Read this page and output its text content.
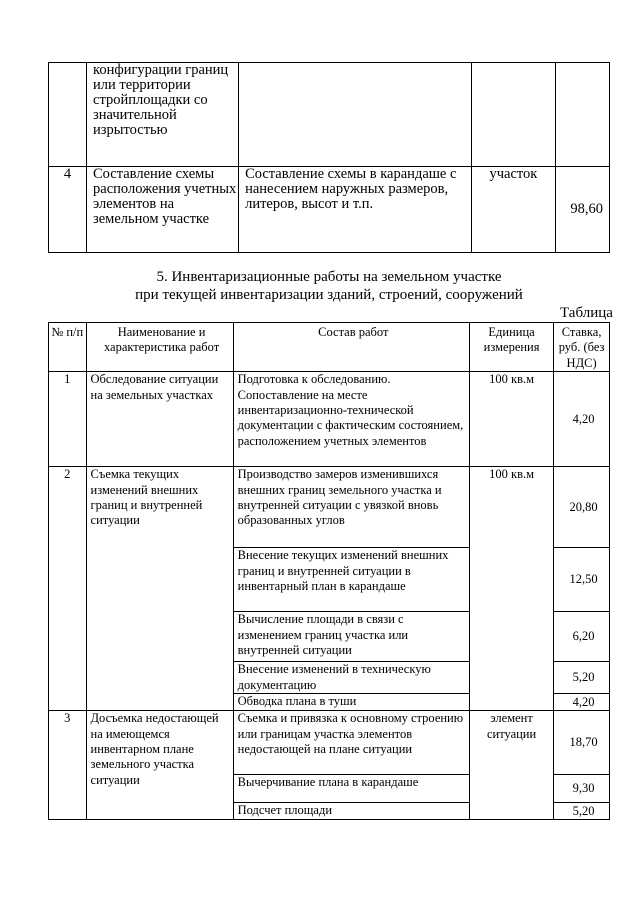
	конфигурации границ или территории стройплощадки со значительной изрытостью			
4	Составление схемы расположения учетных элементов на земельном участке	Составление схемы в карандаше с нанесением наружных размеров, литеров, высот и т.п.	участок	98,60
5. Инвентаризационные работы на земельном участке
при текущей инвентаризации зданий, строений, сооружений
Таблица
№ п/п	Наименование и характеристика работ	Состав работ	Единица измерения	Ставка, руб. (без НДС)
1	Обследование ситуации на земельных участках	Подготовка к обследованию. Сопоставление на месте инвентаризационно-технической документации с фактическим состоянием, расположением учетных элементов	100 кв.м	4,20
2	Съемка текущих изменений внешних границ и внутренней ситуации	Производство замеров изменившихся внешних границ земельного участка и внутренней ситуации с увязкой вновь образованных углов	100 кв.м	20,80
		Внесение текущих изменений внешних границ и внутренней ситуации в инвентарный план в карандаше		12,50
		Вычисление площади в связи с изменением границ участка или внутренней ситуации		6,20
		Внесение изменений в техническую документацию		5,20
		Обводка плана в туши		4,20
3	Досъемка недостающей на имеющемся инвентарном плане земельного участка ситуации	Съемка и привязка к основному строению или границам участка элементов недостающей на плане ситуации	элемент ситуации	18,70
		Вычерчивание плана в карандаше		9,30
		Подсчет площади		5,20
